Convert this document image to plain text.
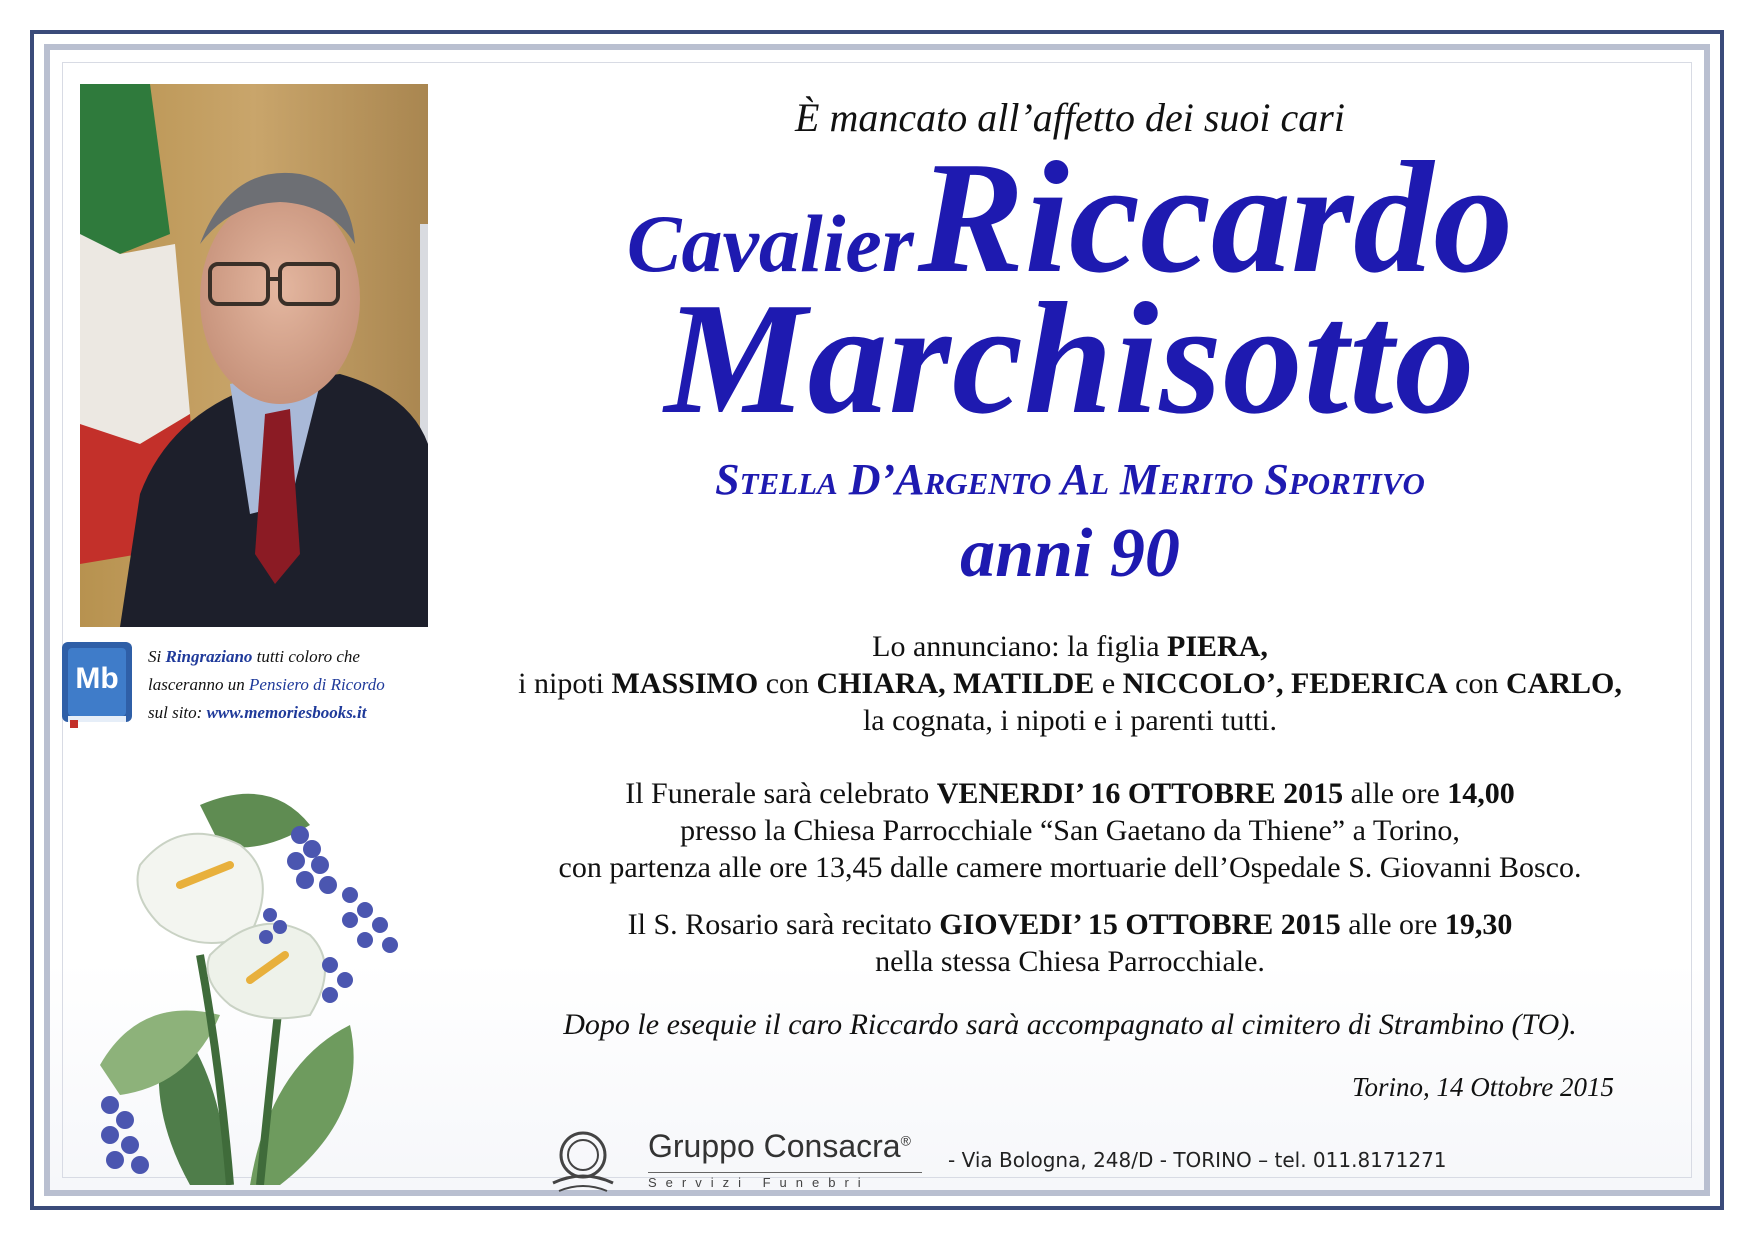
Mb
Si Ringraziano tutti coloro che
lasceranno un Pensiero di Ricordo
sul sito: www.memoriesbooks.it
È mancato all’affetto dei suoi cari
Cavalier Riccardo
Marchisotto
Stella D’Argento Al Merito Sportivo
anni 90
Lo annunciano: la figlia PIERA,
i nipoti MASSIMO con CHIARA, MATILDE e NICCOLO’, FEDERICA con CARLO,
la cognata, i nipoti e i parenti tutti.
Il Funerale sarà celebrato VENERDI’ 16 OTTOBRE 2015 alle ore 14,00
presso la Chiesa Parrocchiale “San Gaetano da Thiene” a Torino,
con partenza alle ore 13,45 dalle camere mortuarie dell’Ospedale S. Giovanni Bosco.
Il S. Rosario sarà recitato GIOVEDI’ 15 OTTOBRE 2015 alle ore 19,30
nella stessa Chiesa Parrocchiale.
Dopo le esequie il caro Riccardo sarà accompagnato al cimitero di Strambino (TO).
Torino, 14 Ottobre 2015
Gruppo Consacra®
Servizi Funebri
- Via Bologna, 248/D - TORINO – tel. 011.8171271
